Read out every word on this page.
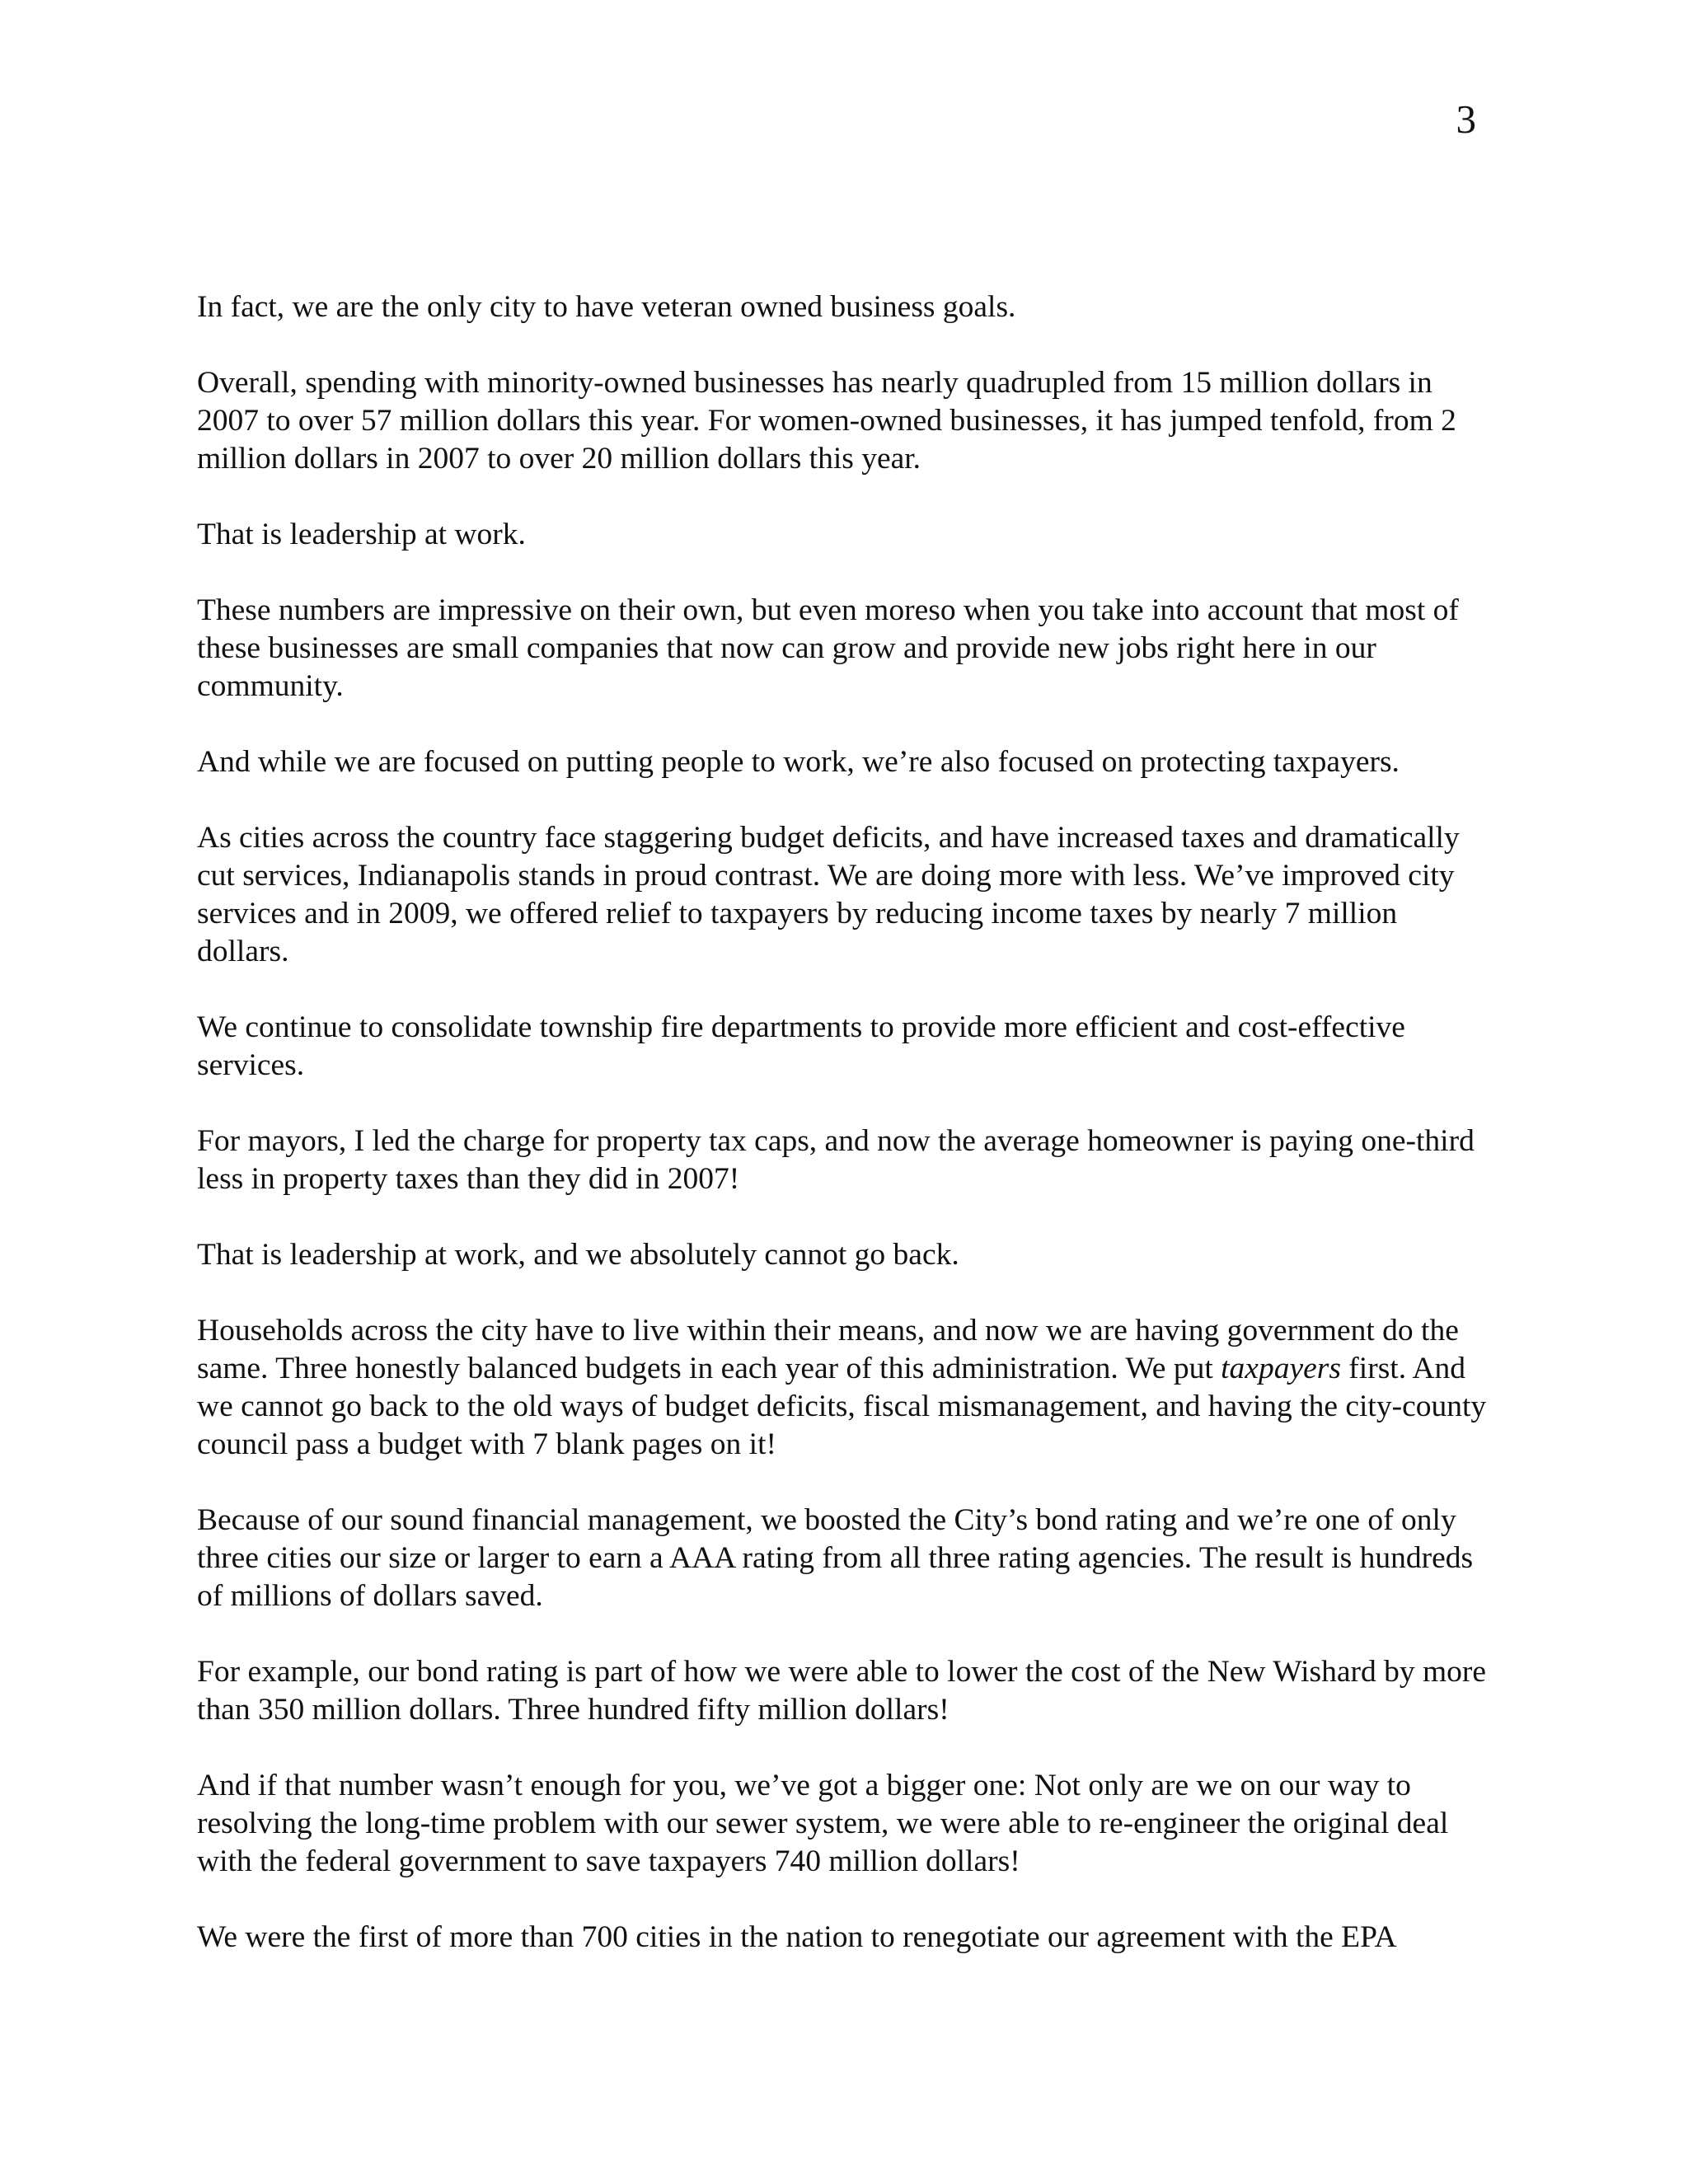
3

In fact, we are the only city to have veteran owned business goals.

Overall, spending with minority-owned businesses has nearly quadrupled from 15 million dollars in 2007 to over 57 million dollars this year. For women-owned businesses, it has jumped tenfold, from 2 million dollars in 2007 to over 20 million dollars this year.

That is leadership at work.

These numbers are impressive on their own, but even moreso when you take into account that most of these businesses are small companies that now can grow and provide new jobs right here in our community.

And while we are focused on putting people to work, we’re also focused on protecting taxpayers.

As cities across the country face staggering budget deficits, and have increased taxes and dramatically cut services, Indianapolis stands in proud contrast. We are doing more with less. We’ve improved city services and in 2009, we offered relief to taxpayers by reducing income taxes by nearly 7 million dollars.

We continue to consolidate township fire departments to provide more efficient and cost-effective services.

For mayors, I led the charge for property tax caps, and now the average homeowner is paying one-third less in property taxes than they did in 2007!

That is leadership at work, and we absolutely cannot go back.

Households across the city have to live within their means, and now we are having government do the same. Three honestly balanced budgets in each year of this administration. We put taxpayers first. And we cannot go back to the old ways of budget deficits, fiscal mismanagement, and having the city-county council pass a budget with 7 blank pages on it!

Because of our sound financial management, we boosted the City’s bond rating and we’re one of only three cities our size or larger to earn a AAA rating from all three rating agencies. The result is hundreds of millions of dollars saved.

For example, our bond rating is part of how we were able to lower the cost of the New Wishard by more than 350 million dollars. Three hundred fifty million dollars!

And if that number wasn’t enough for you, we’ve got a bigger one: Not only are we on our way to resolving the long-time problem with our sewer system, we were able to re-engineer the original deal with the federal government to save taxpayers 740 million dollars!

We were the first of more than 700 cities in the nation to renegotiate our agreement with the EPA
